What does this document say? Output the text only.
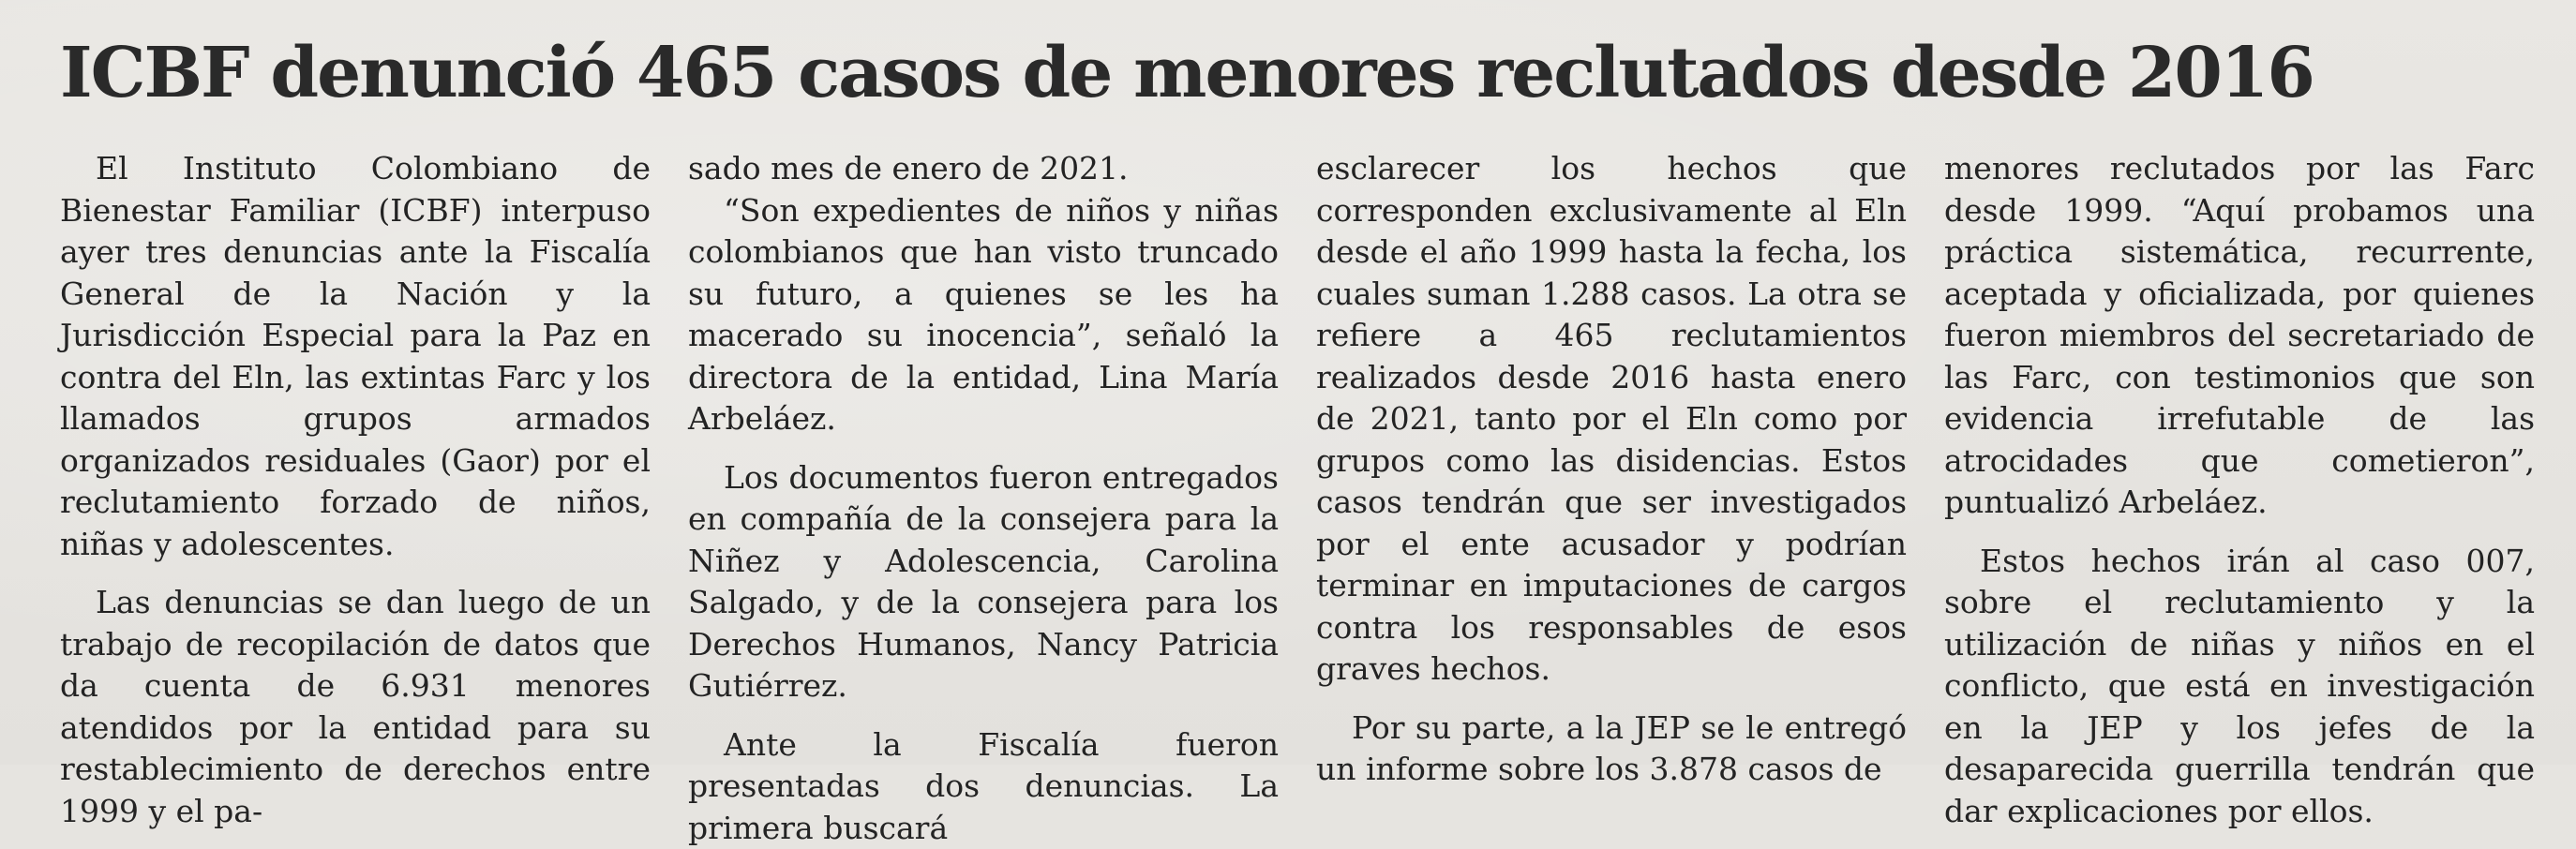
ICBF denunció 465 casos de menores reclutados desde 2016

El Instituto Colombiano de Bienestar Familiar (ICBF) interpuso ayer tres denuncias ante la Fiscalía General de la Nación y la Jurisdicción Especial para la Paz en contra del Eln, las extintas Farc y los llamados grupos armados organizados residuales (Gaor) por el reclutamiento forzado de niños, niñas y adolescentes.

Las denuncias se dan luego de un trabajo de recopilación de datos que da cuenta de 6.931 menores atendidos por la entidad para su restablecimiento de derechos entre 1999 y el pa-

sado mes de enero de 2021.

“Son expedientes de niños y niñas colombianos que han visto truncado su futuro, a quienes se les ha macerado su inocencia”, señaló la directora de la entidad, Lina María Arbeláez.

Los documentos fueron entregados en compañía de la consejera para la Niñez y Adolescencia, Carolina Salgado, y de la consejera para los Derechos Humanos, Nancy Patricia Gutiérrez.

Ante la Fiscalía fueron presentadas dos denuncias. La primera buscará

esclarecer los hechos que corresponden exclusivamente al Eln desde el año 1999 hasta la fecha, los cuales suman 1.288 casos. La otra se refiere a 465 reclutamientos realizados desde 2016 hasta enero de 2021, tanto por el Eln como por grupos como las disidencias. Estos casos tendrán que ser investigados por el ente acusador y podrían terminar en imputaciones de cargos contra los responsables de esos graves hechos.

Por su parte, a la JEP se le entregó un informe sobre los 3.878 casos de

menores reclutados por las Farc desde 1999. “Aquí probamos una práctica sistemática, recurrente, aceptada y oficializada, por quienes fueron miembros del secretariado de las Farc, con testimonios que son evidencia irrefutable de las atrocidades que cometieron”, puntualizó Arbeláez.

Estos hechos irán al caso 007, sobre el reclutamiento y la utilización de niñas y niños en el conflicto, que está en investigación en la JEP y los jefes de la desaparecida guerrilla tendrán que dar explicaciones por ellos.
